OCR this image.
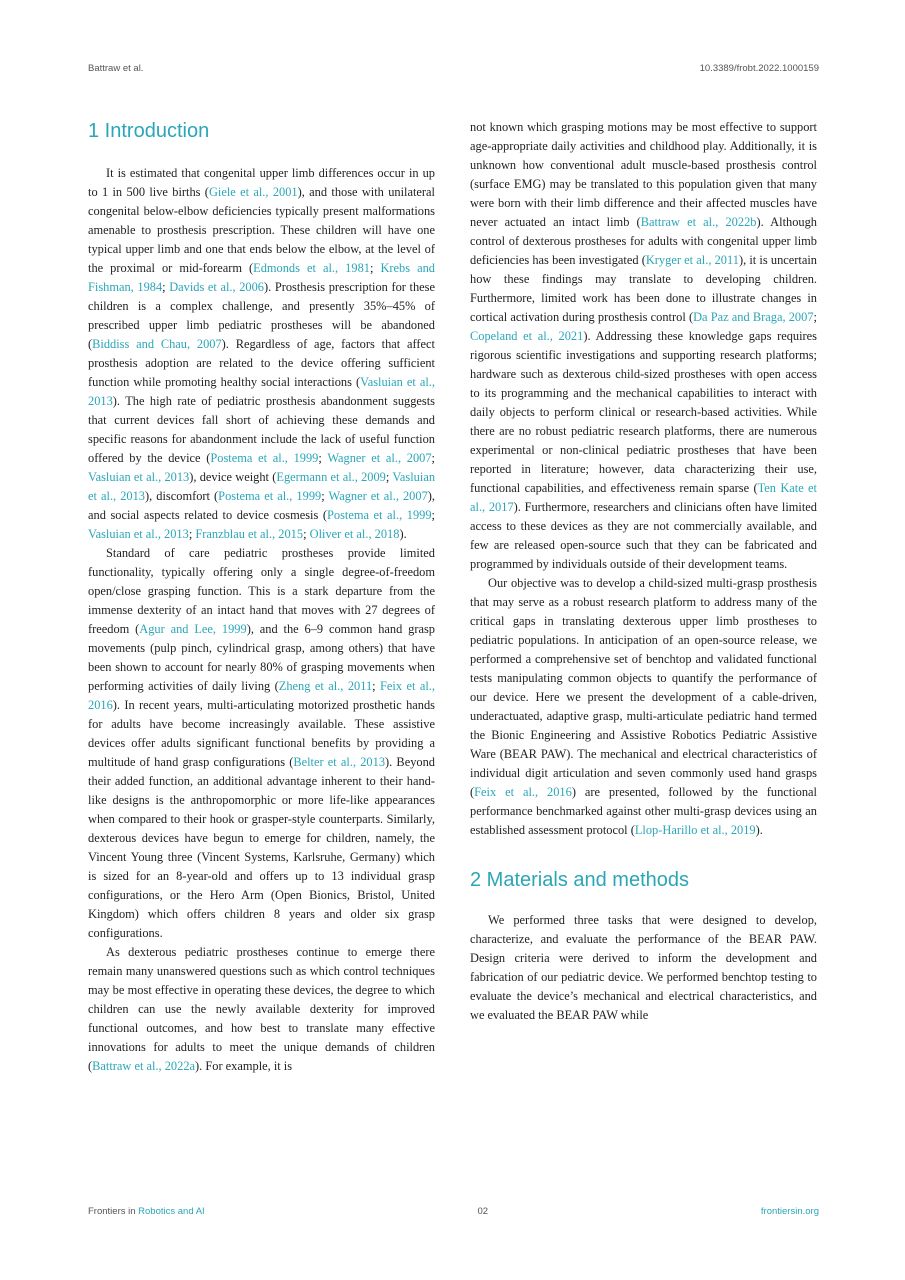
Battraw et al.	10.3389/frobt.2022.1000159
1 Introduction

It is estimated that congenital upper limb differences occur in up to 1 in 500 live births (Giele et al., 2001), and those with unilateral congenital below-elbow deficiencies typically present malformations amenable to prosthesis prescription. These children will have one typical upper limb and one that ends below the elbow, at the level of the proximal or mid-forearm (Edmonds et al., 1981; Krebs and Fishman, 1984; Davids et al., 2006). Prosthesis prescription for these children is a complex challenge, and presently 35%–45% of prescribed upper limb pediatric prostheses will be abandoned (Biddiss and Chau, 2007). Regardless of age, factors that affect prosthesis adoption are related to the device offering sufficient function while promoting healthy social interactions (Vasluian et al., 2013). The high rate of pediatric prosthesis abandonment suggests that current devices fall short of achieving these demands and specific reasons for abandonment include the lack of useful function offered by the device (Postema et al., 1999; Wagner et al., 2007; Vasluian et al., 2013), device weight (Egermann et al., 2009; Vasluian et al., 2013), discomfort (Postema et al., 1999; Wagner et al., 2007), and social aspects related to device cosmesis (Postema et al., 1999; Vasluian et al., 2013; Franzblau et al., 2015; Oliver et al., 2018).

Standard of care pediatric prostheses provide limited functionality, typically offering only a single degree-of-freedom open/close grasping function. This is a stark departure from the immense dexterity of an intact hand that moves with 27 degrees of freedom (Agur and Lee, 1999), and the 6–9 common hand grasp movements (pulp pinch, cylindrical grasp, among others) that have been shown to account for nearly 80% of grasping movements when performing activities of daily living (Zheng et al., 2011; Feix et al., 2016). In recent years, multi-articulating motorized prosthetic hands for adults have become increasingly available. These assistive devices offer adults significant functional benefits by providing a multitude of hand grasp configurations (Belter et al., 2013). Beyond their added function, an additional advantage inherent to their hand-like designs is the anthropomorphic or more life-like appearances when compared to their hook or grasper-style counterparts. Similarly, dexterous devices have begun to emerge for children, namely, the Vincent Young three (Vincent Systems, Karlsruhe, Germany) which is sized for an 8-year-old and offers up to 13 individual grasp configurations, or the Hero Arm (Open Bionics, Bristol, United Kingdom) which offers children 8 years and older six grasp configurations.

As dexterous pediatric prostheses continue to emerge there remain many unanswered questions such as which control techniques may be most effective in operating these devices, the degree to which children can use the newly available dexterity for improved functional outcomes, and how best to translate many effective innovations for adults to meet the unique demands of children (Battraw et al., 2022a). For example, it is

not known which grasping motions may be most effective to support age-appropriate daily activities and childhood play. Additionally, it is unknown how conventional adult muscle-based prosthesis control (surface EMG) may be translated to this population given that many were born with their limb difference and their affected muscles have never actuated an intact limb (Battraw et al., 2022b). Although control of dexterous prostheses for adults with congenital upper limb deficiencies has been investigated (Kryger et al., 2011), it is uncertain how these findings may translate to developing children. Furthermore, limited work has been done to illustrate changes in cortical activation during prosthesis control (Da Paz and Braga, 2007; Copeland et al., 2021). Addressing these knowledge gaps requires rigorous scientific investigations and supporting research platforms; hardware such as dexterous child-sized prostheses with open access to its programming and the mechanical capabilities to interact with daily objects to perform clinical or research-based activities. While there are no robust pediatric research platforms, there are numerous experimental or non-clinical pediatric prostheses that have been reported in literature; however, data characterizing their use, functional capabilities, and effectiveness remain sparse (Ten Kate et al., 2017). Furthermore, researchers and clinicians often have limited access to these devices as they are not commercially available, and few are released open-source such that they can be fabricated and programmed by individuals outside of their development teams.

Our objective was to develop a child-sized multi-grasp prosthesis that may serve as a robust research platform to address many of the critical gaps in translating dexterous upper limb prostheses to pediatric populations. In anticipation of an open-source release, we performed a comprehensive set of benchtop and validated functional tests manipulating common objects to quantify the performance of our device. Here we present the development of a cable-driven, underactuated, adaptive grasp, multi-articulate pediatric hand termed the Bionic Engineering and Assistive Robotics Pediatric Assistive Ware (BEAR PAW). The mechanical and electrical characteristics of individual digit articulation and seven commonly used hand grasps (Feix et al., 2016) are presented, followed by the functional performance benchmarked against other multi-grasp devices using an established assessment protocol (Llop-Harillo et al., 2019).

2 Materials and methods

We performed three tasks that were designed to develop, characterize, and evaluate the performance of the BEAR PAW. Design criteria were derived to inform the development and fabrication of our pediatric device. We performed benchtop testing to evaluate the device’s mechanical and electrical characteristics, and we evaluated the BEAR PAW while

Frontiers in Robotics and AI	02	frontiersin.org
